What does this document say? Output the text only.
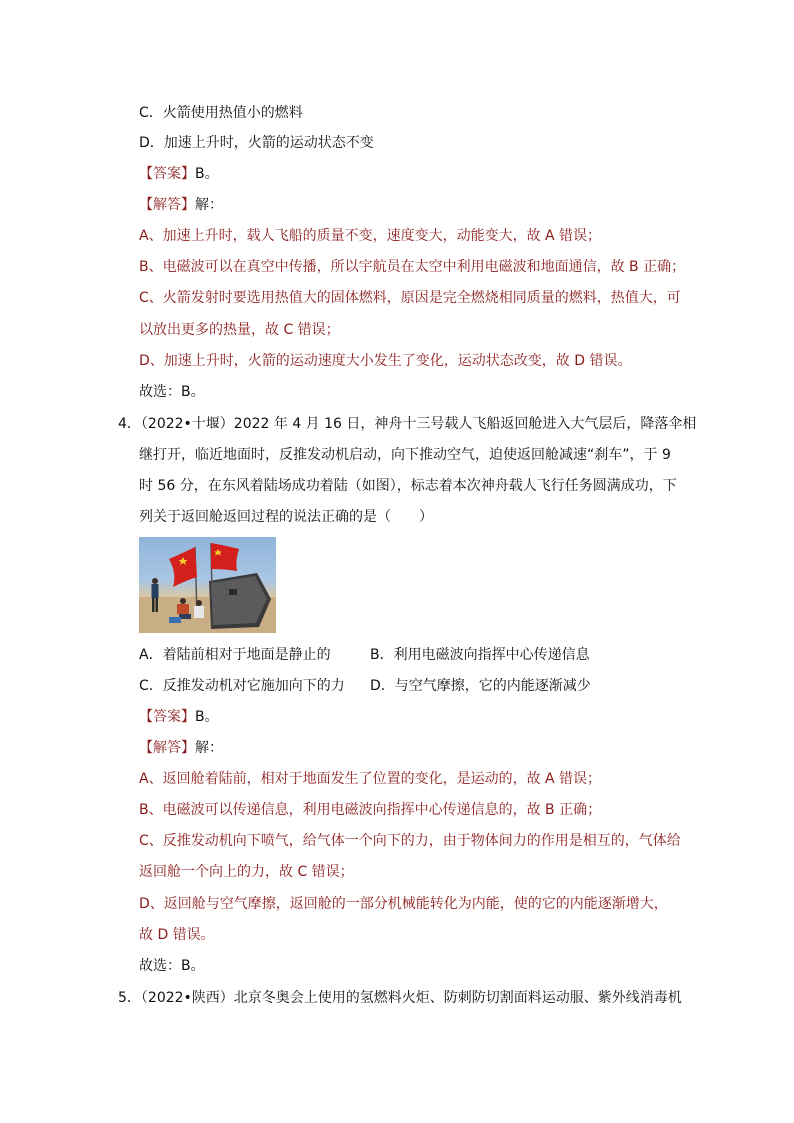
C．火箭使用热值小的燃料
D．加速上升时，火箭的运动状态不变
【答案】B。
【解答】解：
A、加速上升时，载人飞船的质量不变，速度变大，动能变大，故 A 错误；
B、电磁波可以在真空中传播，所以宇航员在太空中利用电磁波和地面通信，故 B 正确；
C、火箭发射时要选用热值大的固体燃料，原因是完全燃烧相同质量的燃料，热值大，可
以放出更多的热量，故 C 错误；
D、加速上升时，火箭的运动速度大小发生了变化，运动状态改变，故 D 错误。
故选：B。
4．（2022•十堰）2022 年 4 月 16 日，神舟十三号载人飞船返回舱进入大气层后，降落伞相
继打开，临近地面时，反推发动机启动，向下推动空气，迫使返回舱减速“刹车”，于 9
时 56 分，在东风着陆场成功着陆（如图），标志着本次神舟载人飞行任务圆满成功，下
列关于返回舱返回过程的说法正确的是（　　）
A．着陆前相对于地面是静止的	B．利用电磁波向指挥中心传递信息
C．反推发动机对它施加向下的力 D．与空气摩擦，它的内能逐渐减少
【答案】B。
【解答】解：
A、返回舱着陆前，相对于地面发生了位置的变化，是运动的，故 A 错误；
B、电磁波可以传递信息，利用电磁波向指挥中心传递信息的，故 B 正确；
C、反推发动机向下喷气，给气体一个向下的力，由于物体间力的作用是相互的，气体给
返回舱一个向上的力，故 C 错误；
D、返回舱与空气摩擦，返回舱的一部分机械能转化为内能，使的它的内能逐渐增大，
故 D 错误。
故选：B。
5．（2022•陕西）北京冬奥会上使用的氢燃料火炬、防刺防切割面料运动服、紫外线消毒机
